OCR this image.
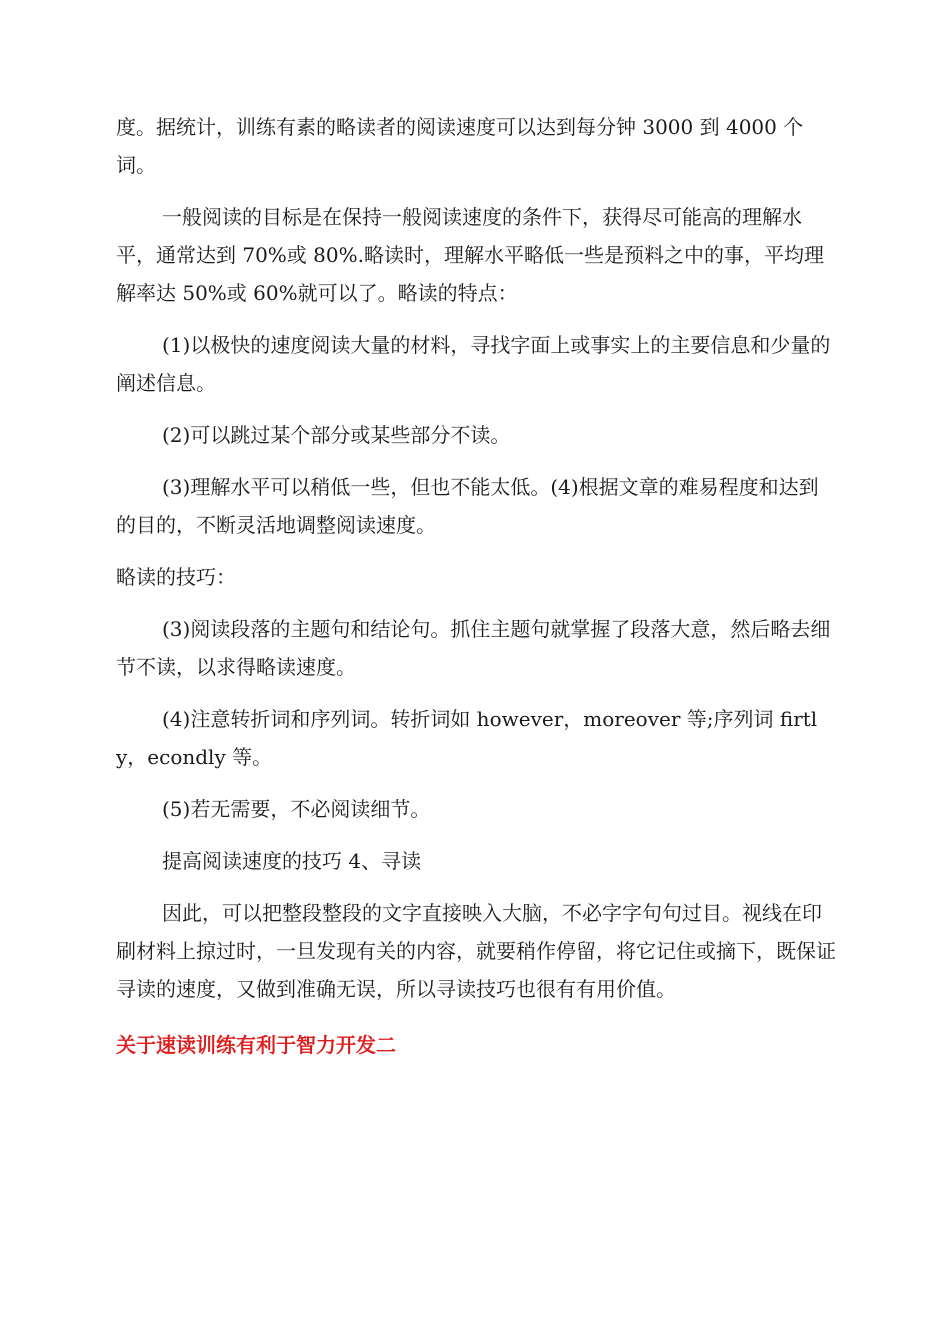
度。据统计，训练有素的略读者的阅读速度可以达到每分钟 3000 到 4000 个词。

一般阅读的目标是在保持一般阅读速度的条件下，获得尽可能高的理解水平，通常达到 70%或 80%.略读时，理解水平略低一些是预料之中的事，平均理解率达 50%或 60%就可以了。略读的特点：

(1)以极快的速度阅读大量的材料，寻找字面上或事实上的主要信息和少量的阐述信息。

(2)可以跳过某个部分或某些部分不读。

(3)理解水平可以稍低一些，但也不能太低。(4)根据文章的难易程度和达到的目的，不断灵活地调整阅读速度。

略读的技巧：

(3)阅读段落的主题句和结论句。抓住主题句就掌握了段落大意，然后略去细节不读，以求得略读速度。

(4)注意转折词和序列词。转折词如 however，moreover 等;序列词 firtly，econdly 等。

(5)若无需要，不必阅读细节。

提高阅读速度的技巧 4、寻读

因此，可以把整段整段的文字直接映入大脑，不必字字句句过目。视线在印刷材料上掠过时，一旦发现有关的内容，就要稍作停留，将它记住或摘下，既保证寻读的速度，又做到准确无误，所以寻读技巧也很有有用价值。

关于速读训练有利于智力开发二
